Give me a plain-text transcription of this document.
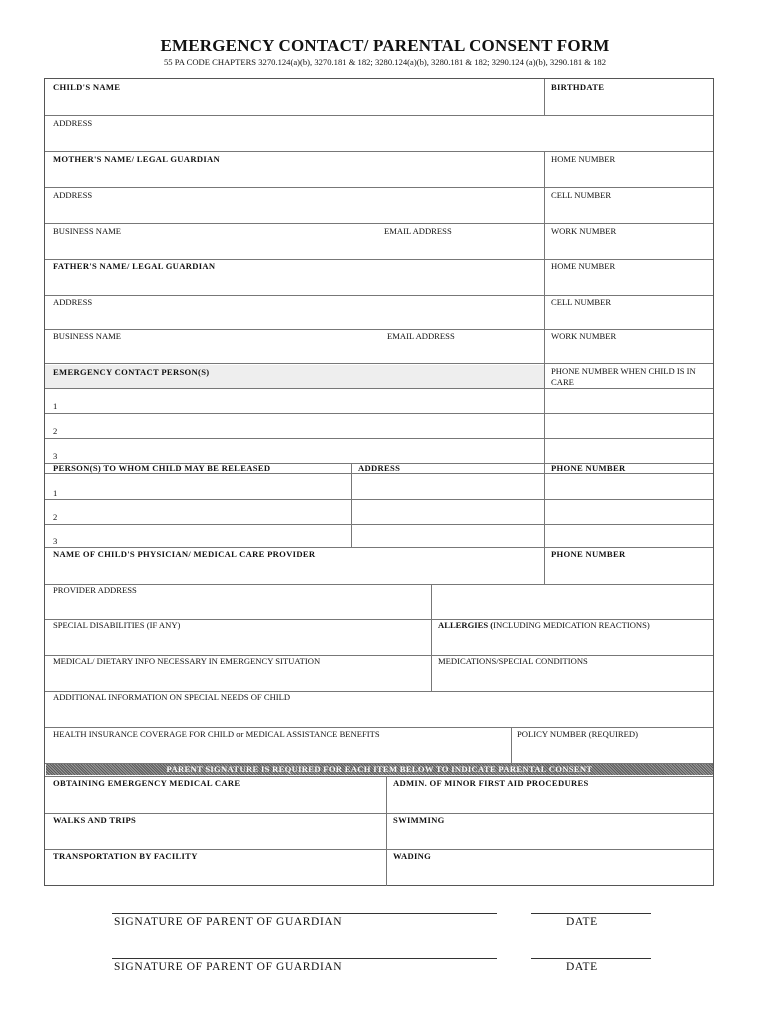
EMERGENCY CONTACT/ PARENTAL CONSENT FORM
55 PA CODE CHAPTERS 3270.124(a)(b), 3270.181 & 182; 3280.124(a)(b), 3280.181 & 182; 3290.124 (a)(b), 3290.181 & 182
CHILD'S NAME	BIRTHDATE
ADDRESS
MOTHER'S NAME/ LEGAL GUARDIAN	HOME NUMBER
ADDRESS	CELL NUMBER
BUSINESS NAME	EMAIL ADDRESS	WORK NUMBER
FATHER'S NAME/ LEGAL GUARDIAN	HOME NUMBER
ADDRESS	CELL NUMBER
BUSINESS NAME	EMAIL ADDRESS	WORK NUMBER
EMERGENCY CONTACT PERSON(S)	PHONE NUMBER WHEN CHILD IS IN CARE
1
2
3
PERSON(S) TO WHOM CHILD MAY BE RELEASED	ADDRESS	PHONE NUMBER
1
2
3
NAME OF CHILD'S PHYSICIAN/ MEDICAL CARE PROVIDER	PHONE NUMBER
PROVIDER ADDRESS
SPECIAL DISABILITIES (IF ANY)	ALLERGIES (INCLUDING MEDICATION REACTIONS)
MEDICAL/ DIETARY INFO NECESSARY IN EMERGENCY SITUATION	MEDICATIONS/SPECIAL CONDITIONS
ADDITIONAL INFORMATION ON SPECIAL NEEDS OF CHILD
HEALTH INSURANCE COVERAGE FOR CHILD or MEDICAL ASSISTANCE BENEFITS	POLICY NUMBER (REQUIRED)
PARENT SIGNATURE IS REQUIRED FOR EACH ITEM BELOW TO INDICATE PARENTAL CONSENT
OBTAINING EMERGENCY MEDICAL CARE	ADMIN. OF MINOR FIRST AID PROCEDURES
WALKS AND TRIPS	SWIMMING
TRANSPORTATION BY FACILITY	WADING
SIGNATURE OF PARENT OF GUARDIAN	DATE
SIGNATURE OF PARENT OF GUARDIAN	DATE
